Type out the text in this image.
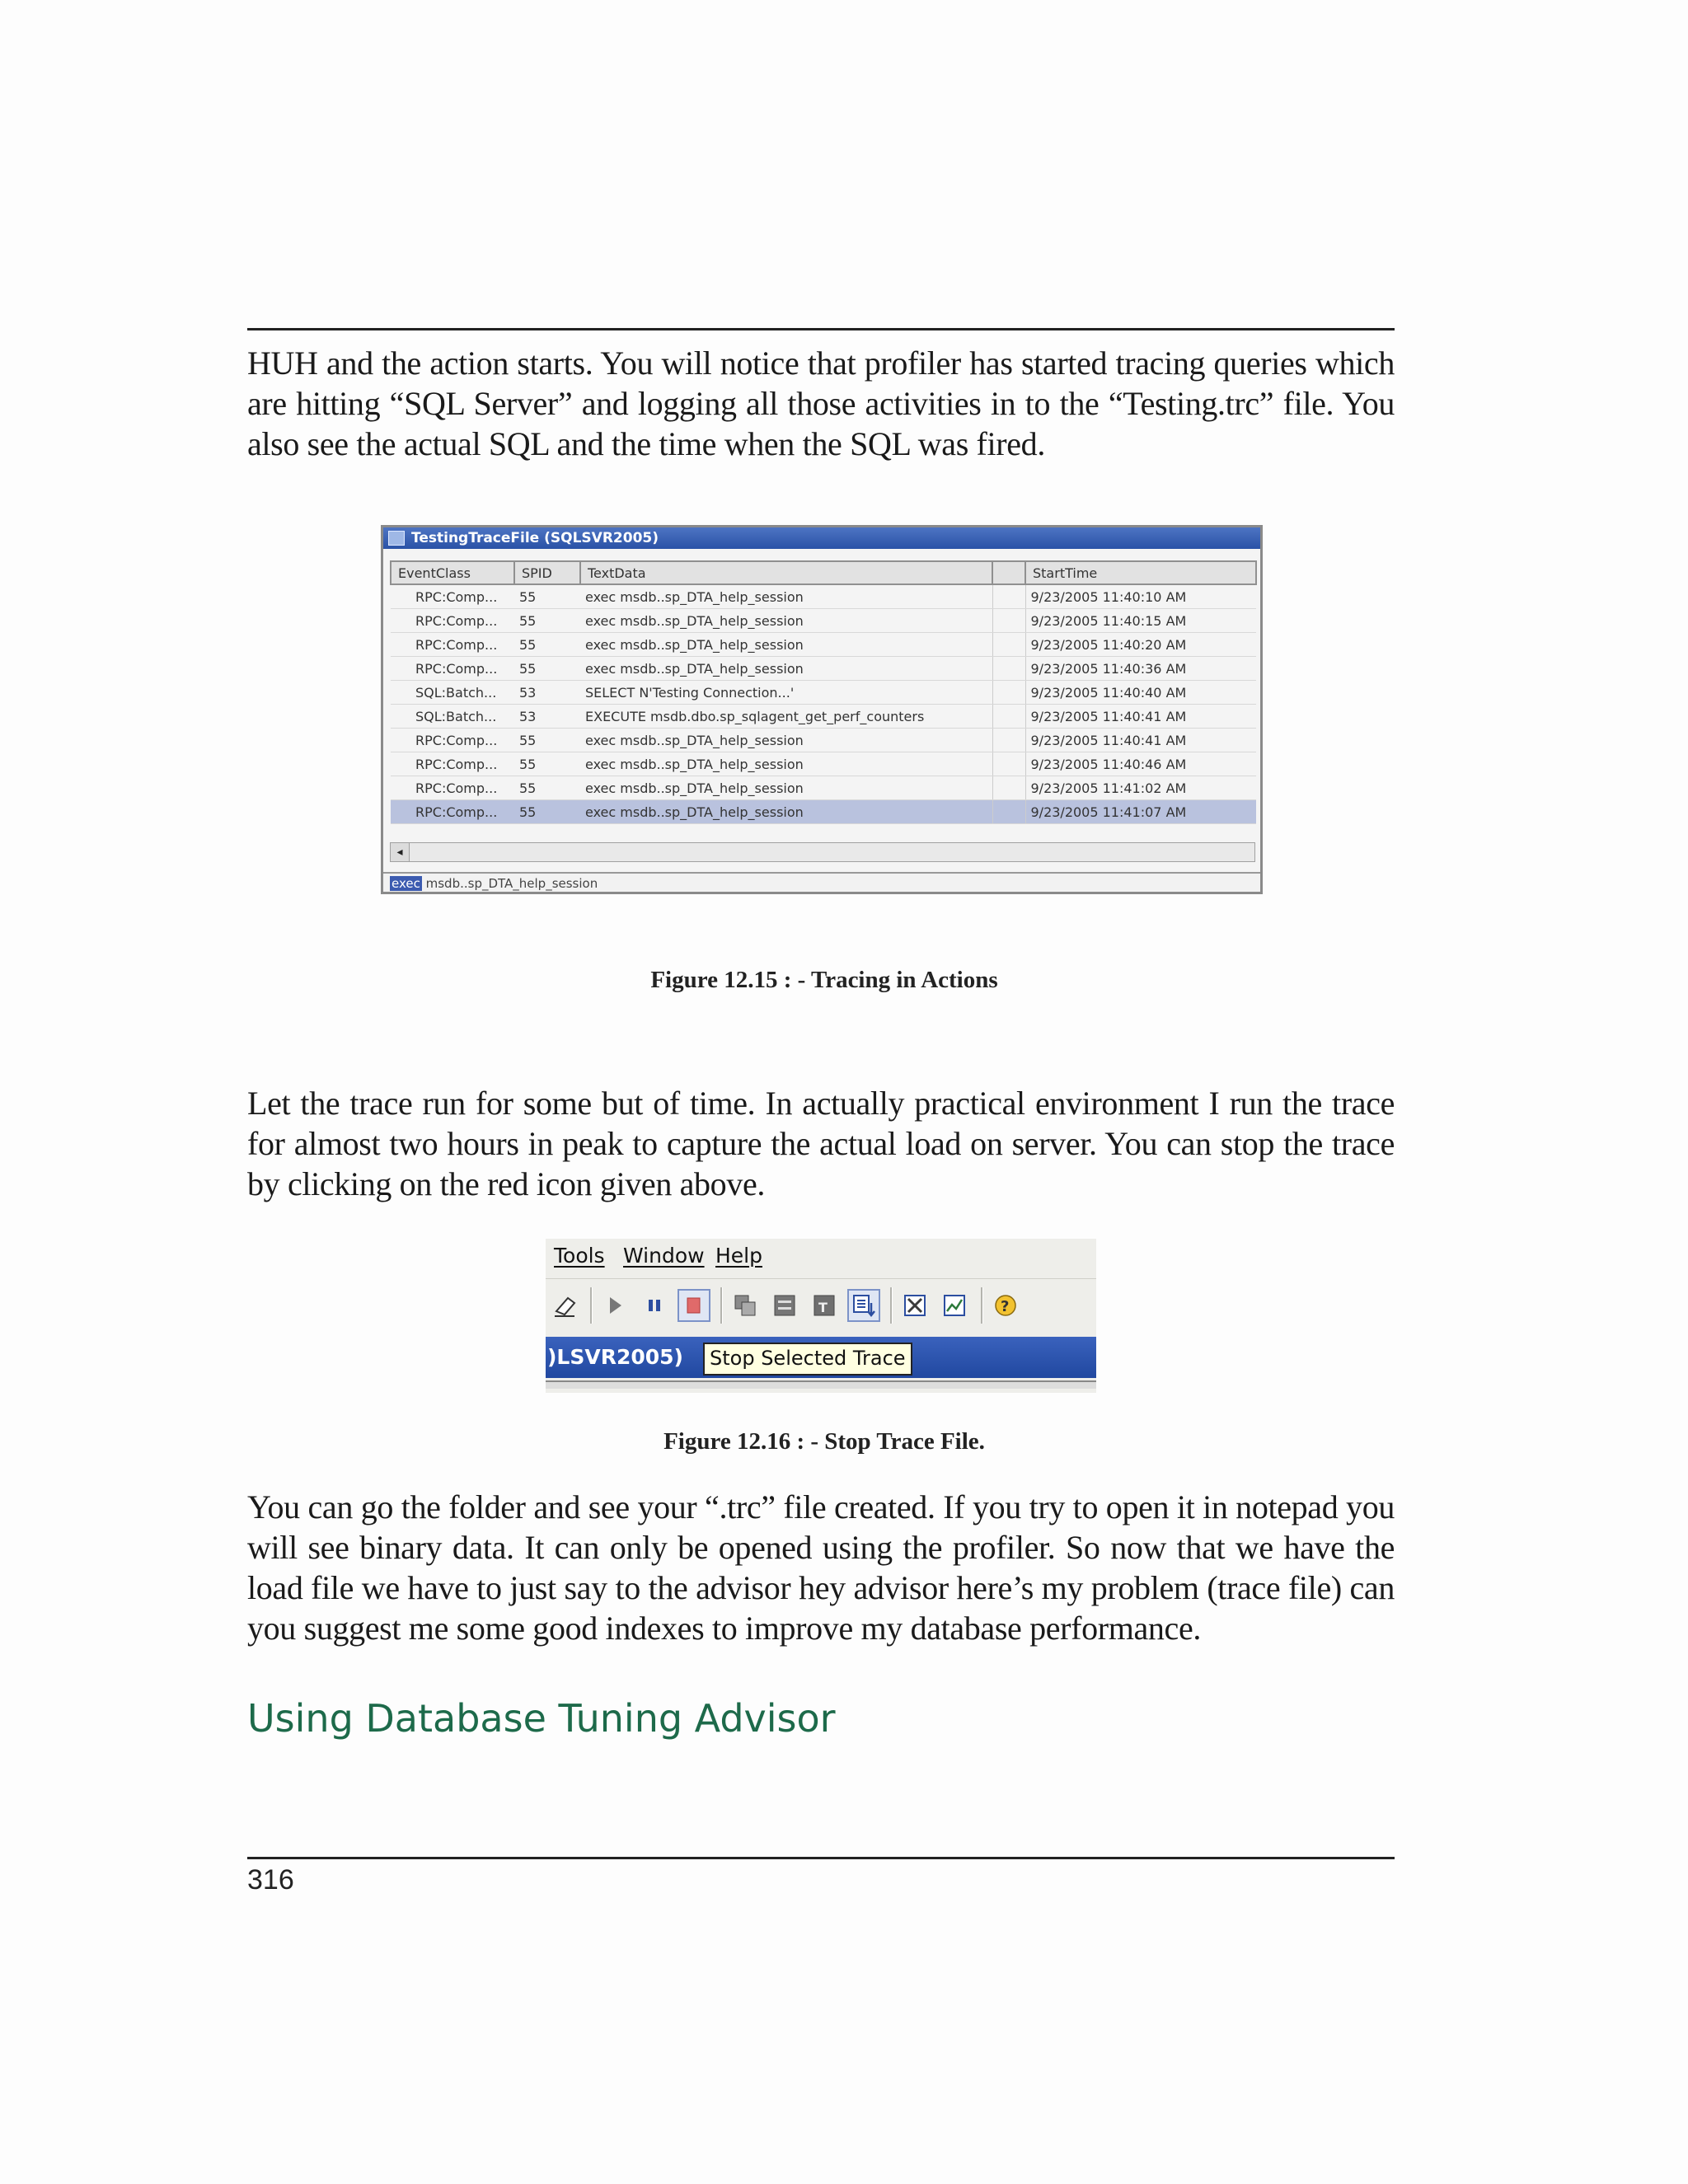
HUH and the action starts. You will notice that profiler has started tracing queries which are hitting “SQL Server” and logging all those activities in to the “Testing.trc” file. You also see the actual SQL and the time when the SQL was fired.

TestingTraceFile (SQLSVR2005)
EventClass	SPID	TextData		StartTime
RPC:Comp...	55	exec msdb..sp_DTA_help_session		9/23/2005 11:40:10 AM
RPC:Comp...	55	exec msdb..sp_DTA_help_session		9/23/2005 11:40:15 AM
RPC:Comp...	55	exec msdb..sp_DTA_help_session		9/23/2005 11:40:20 AM
RPC:Comp...	55	exec msdb..sp_DTA_help_session		9/23/2005 11:40:36 AM
SQL:Batch...	53	SELECT N'Testing Connection...'		9/23/2005 11:40:40 AM
SQL:Batch...	53	EXECUTE msdb.dbo.sp_sqlagent_get_perf_counters		9/23/2005 11:40:41 AM
RPC:Comp...	55	exec msdb..sp_DTA_help_session		9/23/2005 11:40:41 AM
RPC:Comp...	55	exec msdb..sp_DTA_help_session		9/23/2005 11:40:46 AM
RPC:Comp...	55	exec msdb..sp_DTA_help_session		9/23/2005 11:41:02 AM
RPC:Comp...	55	exec msdb..sp_DTA_help_session		9/23/2005 11:41:07 AM
◂
exec msdb..sp_DTA_help_session
Figure 12.15 : - Tracing in Actions

Let the trace run for some but of time. In actually practical environment I run the trace for almost two hours in peak to capture the actual load on server. You can stop the trace by clicking on the red icon given above.

Tools Window Help
T	?
)LSVR2005)	Stop Selected Trace
Figure 12.16 : - Stop Trace File.

You can go the folder and see your “.trc” file created. If you try to open it in notepad you will see binary data. It can only be opened using the profiler. So now that we have the load file we have to just say to the advisor hey advisor here’s my problem (trace file) can you suggest me some good indexes to improve my database performance.

Using Database Tuning Advisor
316
